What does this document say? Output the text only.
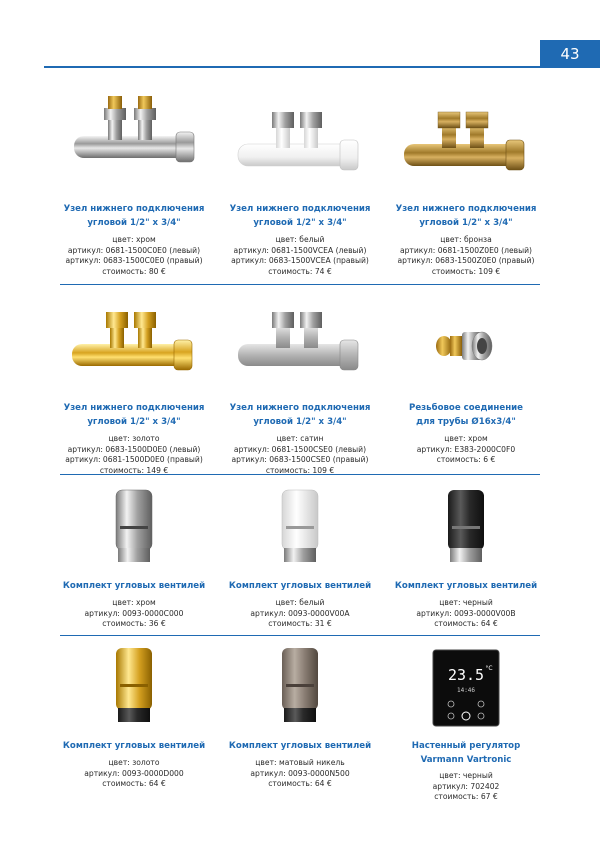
43
Узел нижнего подключения
угловой 1/2" х 3/4"
цвет: хром
артикул: 0681-1500C0E0 (левый)
артикул: 0683-1500C0E0 (правый)
стоимость: 80 €
Узел нижнего подключения
угловой 1/2" х 3/4"
цвет: белый
артикул: 0681-1500VCEA (левый)
артикул: 0683-1500VCEA (правый)
стоимость: 74 €
Узел нижнего подключения
угловой 1/2" х 3/4"
цвет: бронза
артикул: 0681-1500Z0E0 (левый)
артикул: 0683-1500Z0E0 (правый)
стоимость: 109 €
Узел нижнего подключения
угловой 1/2" х 3/4"
цвет: золото
артикул: 0683-1500D0E0 (левый)
артикул: 0681-1500D0E0 (правый)
стоимость: 149 €
Узел нижнего подключения
угловой 1/2" х 3/4"
цвет: сатин
артикул: 0681-1500CSE0 (левый)
артикул: 0683-1500CSE0 (правый)
стоимость: 109 €
Резьбовое соединение
для трубы Ø16х3/4"
цвет: хром
артикул: E383-2000C0F0
стоимость: 6 €
Комплект угловых вентилей
цвет: хром
артикул: 0093-0000C000
стоимость: 36 €
Комплект угловых вентилей
цвет: белый
артикул: 0093-0000V00A
стоимость: 31 €
Комплект угловых вентилей
цвет: черный
артикул: 0093-0000V00B
стоимость: 64 €
Комплект угловых вентилей
цвет: золото
артикул: 0093-0000D000
стоимость: 64 €
Комплект угловых вентилей
цвет: матовый никель
артикул: 0093-0000N500
стоимость: 64 €
23.5 °C
14:46
Настенный регулятор
Varmann Vartronic
цвет: черный
артикул: 702402
стоимость: 67 €
